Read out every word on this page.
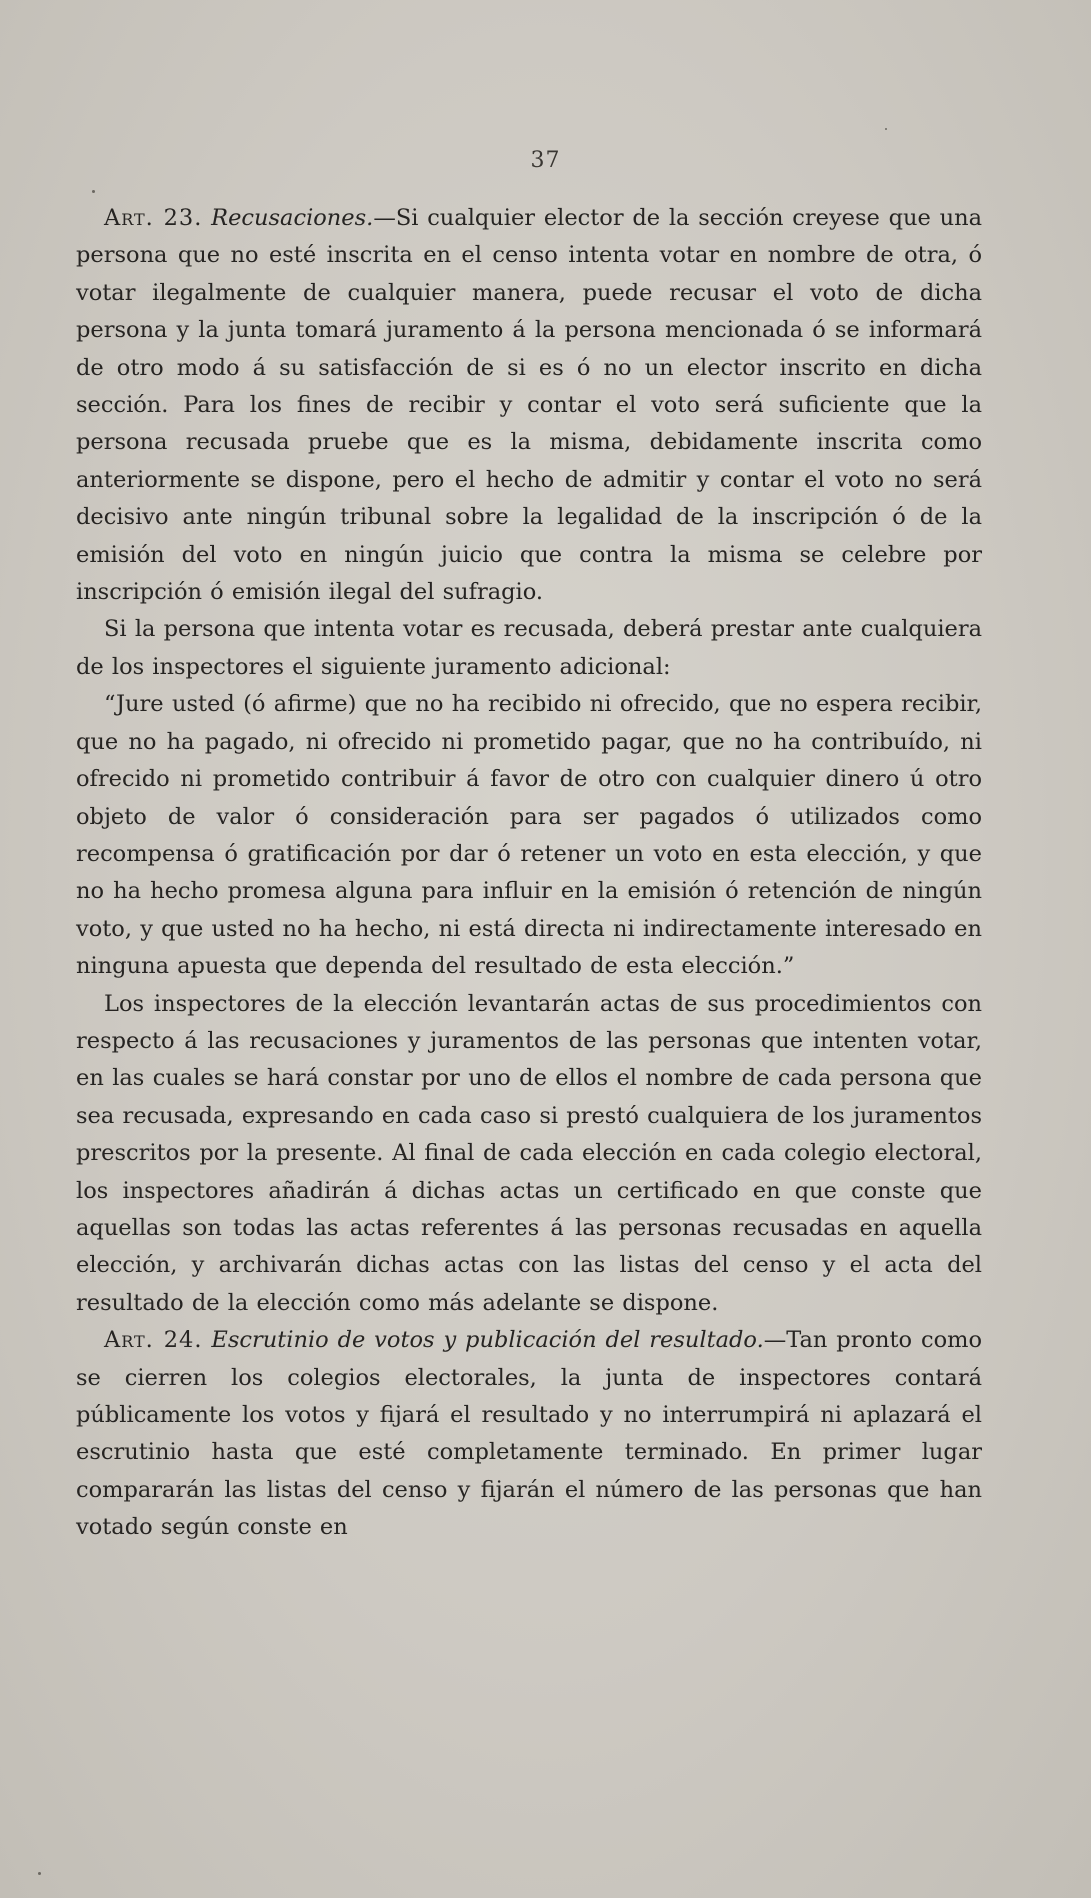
37

Art. 23. Recusaciones.—Si cualquier elector de la sección creyese que una persona que no esté inscrita en el censo intenta votar en nombre de otra, ó votar ilegalmente de cualquier manera, puede recusar el voto de dicha persona y la junta tomará juramento á la persona mencionada ó se informará de otro modo á su satisfacción de si es ó no un elector inscrito en dicha sección. Para los fines de recibir y contar el voto será suficiente que la persona recusada pruebe que es la misma, debidamente inscrita como anteriormente se dispone, pero el hecho de admitir y contar el voto no será decisivo ante ningún tribunal sobre la legalidad de la inscripción ó de la emisión del voto en ningún juicio que contra la misma se celebre por inscripción ó emisión ilegal del sufragio.

Si la persona que intenta votar es recusada, deberá prestar ante cualquiera de los inspectores el siguiente juramento adicional:

“Jure usted (ó afirme) que no ha recibido ni ofrecido, que no espera recibir, que no ha pagado, ni ofrecido ni prometido pagar, que no ha contribuído, ni ofrecido ni prometido contribuir á favor de otro con cualquier dinero ú otro objeto de valor ó consideración para ser pagados ó utilizados como recompensa ó gratificación por dar ó retener un voto en esta elección, y que no ha hecho promesa alguna para influir en la emisión ó retención de ningún voto, y que usted no ha hecho, ni está directa ni indirectamente interesado en ninguna apuesta que dependa del resultado de esta elección.”

Los inspectores de la elección levantarán actas de sus procedimientos con respecto á las recusaciones y juramentos de las personas que intenten votar, en las cuales se hará constar por uno de ellos el nombre de cada persona que sea recusada, expresando en cada caso si prestó cualquiera de los juramentos prescritos por la presente. Al final de cada elección en cada colegio electoral, los inspectores añadirán á dichas actas un certificado en que conste que aquellas son todas las actas referentes á las personas recusadas en aquella elección, y archivarán dichas actas con las listas del censo y el acta del resultado de la elección como más adelante se dispone.

Art. 24. Escrutinio de votos y publicación del resultado.—Tan pronto como se cierren los colegios electorales, la junta de inspectores contará públicamente los votos y fijará el resultado y no interrumpirá ni aplazará el escrutinio hasta que esté completamente terminado. En primer lugar compararán las listas del censo y fijarán el número de las personas que han votado según conste en
